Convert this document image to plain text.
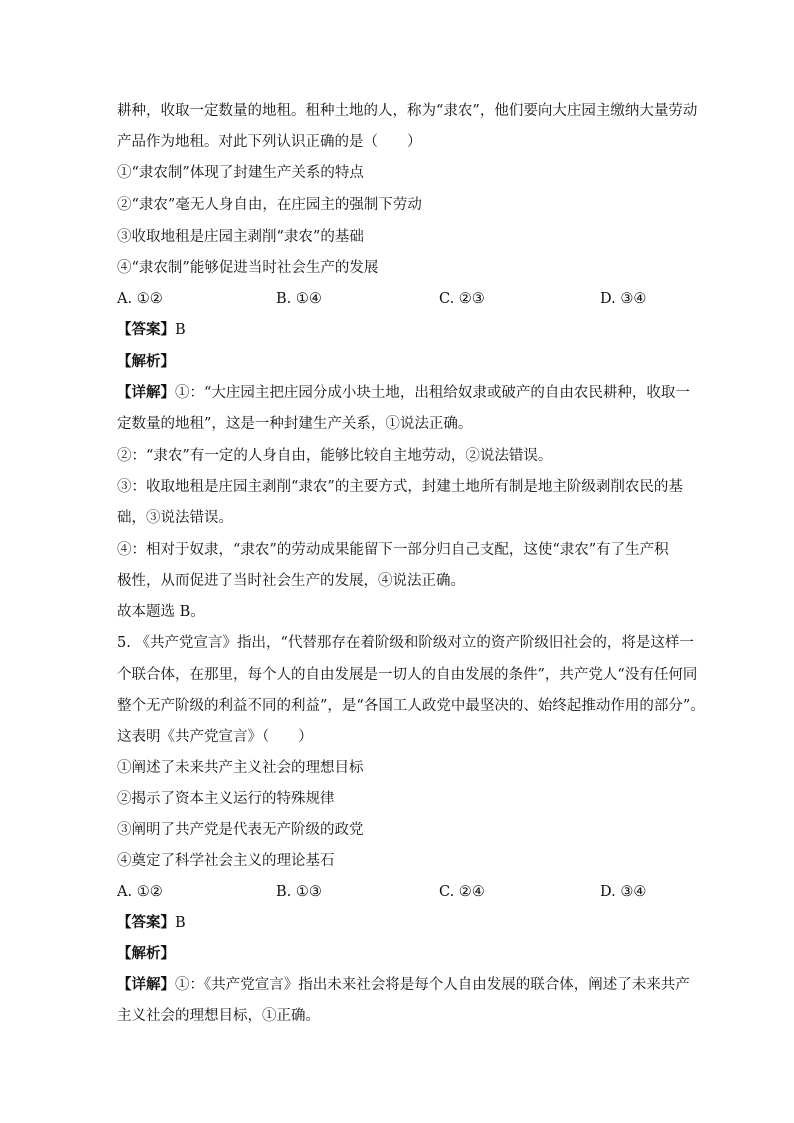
耕种，收取一定数量的地租。租种土地的人，称为“隶农”，他们要向大庄园主缴纳大量劳动

产品作为地租。对此下列认识正确的是（　　）

①“隶农制”体现了封建生产关系的特点

②“隶农”毫无人身自由，在庄园主的强制下劳动

③收取地租是庄园主剥削“隶农”的基础

④“隶农制”能够促进当时社会生产的发展

A. ①②	B. ①④	C. ②③	D. ③④

【答案】B

【解析】

【详解】①：“大庄园主把庄园分成小块土地，出租给奴隶或破产的自由农民耕种，收取一

定数量的地租”，这是一种封建生产关系，①说法正确。

②：“隶农”有一定的人身自由，能够比较自主地劳动，②说法错误。

③：收取地租是庄园主剥削“隶农”的主要方式，封建土地所有制是地主阶级剥削农民的基

础，③说法错误。

④：相对于奴隶，“隶农”的劳动成果能留下一部分归自己支配，这使“隶农”有了生产积

极性，从而促进了当时社会生产的发展，④说法正确。

故本题选 B。

5. 《共产党宣言》指出，“代替那存在着阶级和阶级对立的资产阶级旧社会的，将是这样一

个联合体，在那里，每个人的自由发展是一切人的自由发展的条件”，共产党人“没有任何同

整个无产阶级的利益不同的利益”，是“各国工人政党中最坚决的、始终起推动作用的部分”。

这表明《共产党宣言》（　　）

①阐述了未来共产主义社会的理想目标

②揭示了资本主义运行的特殊规律

③阐明了共产党是代表无产阶级的政党

④奠定了科学社会主义的理论基石

A. ①②	B. ①③	C. ②④	D. ③④

【答案】B

【解析】

【详解】①：《共产党宣言》指出未来社会将是每个人自由发展的联合体，阐述了未来共产

主义社会的理想目标，①正确。
